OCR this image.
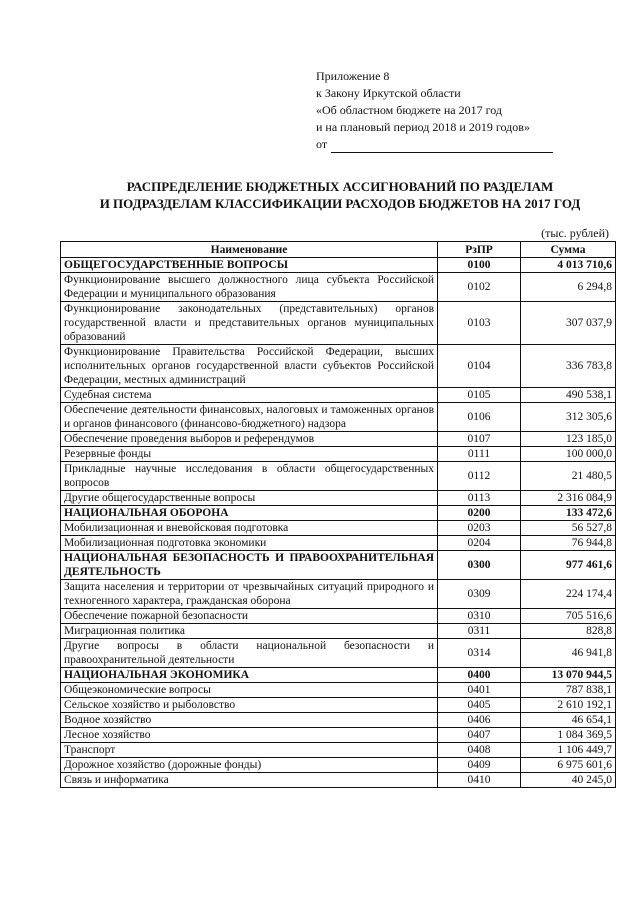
Приложение 8
к Закону Иркутской области
«Об областном бюджете на 2017 год
и на плановый период 2018 и 2019 годов»
от
РАСПРЕДЕЛЕНИЕ БЮДЖЕТНЫХ АССИГНОВАНИЙ ПО РАЗДЕЛАМ
И ПОДРАЗДЕЛАМ КЛАССИФИКАЦИИ РАСХОДОВ БЮДЖЕТОВ НА 2017 ГОД
(тыс. рублей)
Наименование	РзПР	Сумма
ОБЩЕГОСУДАРСТВЕННЫЕ ВОПРОСЫ	0100	4 013 710,6
Функционирование высшего должностного лица субъекта Российской Федерации и муниципального образования	0102	6 294,8
Функционирование законодательных (представительных) органов государственной власти и представительных органов муниципальных образований	0103	307 037,9
Функционирование Правительства Российской Федерации, высших исполнительных органов государственной власти субъектов Российской Федерации, местных администраций	0104	336 783,8
Судебная система	0105	490 538,1
Обеспечение деятельности финансовых, налоговых и таможенных органов и органов финансового (финансово-бюджетного) надзора	0106	312 305,6
Обеспечение проведения выборов и референдумов	0107	123 185,0
Резервные фонды	0111	100 000,0
Прикладные научные исследования в области общегосударственных вопросов	0112	21 480,5
Другие общегосударственные вопросы	0113	2 316 084,9
НАЦИОНАЛЬНАЯ ОБОРОНА	0200	133 472,6
Мобилизационная и вневойсковая подготовка	0203	56 527,8
Мобилизационная подготовка экономики	0204	76 944,8
НАЦИОНАЛЬНАЯ БЕЗОПАСНОСТЬ И ПРАВООХРАНИТЕЛЬНАЯ ДЕЯТЕЛЬНОСТЬ	0300	977 461,6
Защита населения и территории от чрезвычайных ситуаций природного и техногенного характера, гражданская оборона	0309	224 174,4
Обеспечение пожарной безопасности	0310	705 516,6
Миграционная политика	0311	828,8
Другие вопросы в области национальной безопасности и правоохранительной деятельности	0314	46 941,8
НАЦИОНАЛЬНАЯ ЭКОНОМИКА	0400	13 070 944,5
Общеэкономические вопросы	0401	787 838,1
Сельское хозяйство и рыболовство	0405	2 610 192,1
Водное хозяйство	0406	46 654,1
Лесное хозяйство	0407	1 084 369,5
Транспорт	0408	1 106 449,7
Дорожное хозяйство (дорожные фонды)	0409	6 975 601,6
Связь и информатика	0410	40 245,0
